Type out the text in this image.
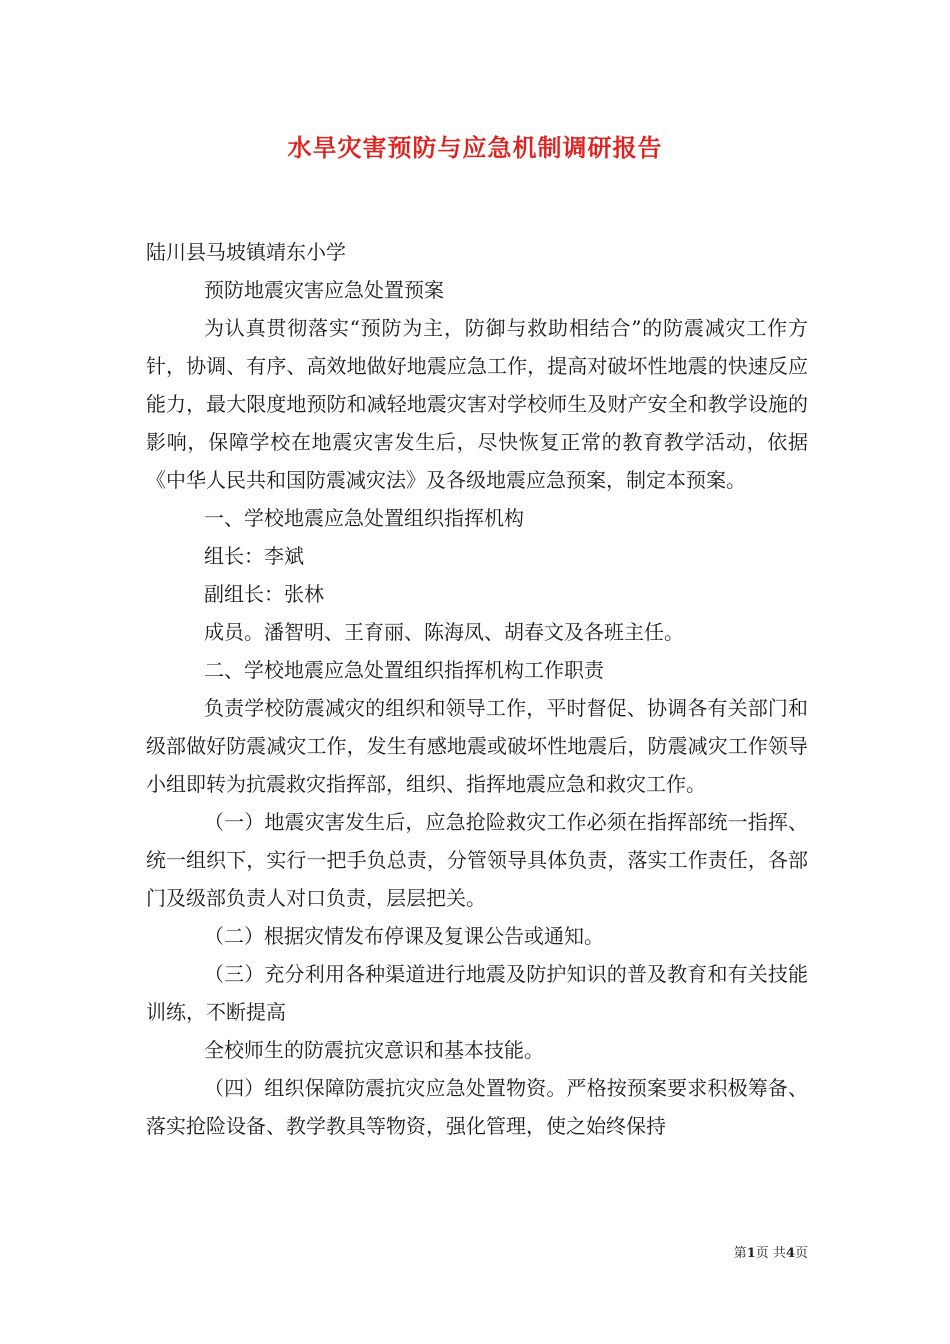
水旱灾害预防与应急机制调研报告

陆川县马坡镇靖东小学

预防地震灾害应急处置预案

为认真贯彻落实“预防为主，防御与救助相结合”的防震减灾工作方针，协调、有序、高效地做好地震应急工作，提高对破坏性地震的快速反应能力，最大限度地预防和减轻地震灾害对学校师生及财产安全和教学设施的影响，保障学校在地震灾害发生后，尽快恢复正常的教育教学活动，依据《中华人民共和国防震减灾法》及各级地震应急预案，制定本预案。

一、学校地震应急处置组织指挥机构

组长：李斌

副组长：张林

成员。潘智明、王育丽、陈海凤、胡春文及各班主任。

二、学校地震应急处置组织指挥机构工作职责

负责学校防震减灾的组织和领导工作，平时督促、协调各有关部门和级部做好防震减灾工作，发生有感地震或破坏性地震后，防震减灾工作领导小组即转为抗震救灾指挥部，组织、指挥地震应急和救灾工作。

（一）地震灾害发生后，应急抢险救灾工作必须在指挥部统一指挥、统一组织下，实行一把手负总责，分管领导具体负责，落实工作责任，各部门及级部负责人对口负责，层层把关。

（二）根据灾情发布停课及复课公告或通知。

（三）充分利用各种渠道进行地震及防护知识的普及教育和有关技能训练，不断提高

全校师生的防震抗灾意识和基本技能。

（四）组织保障防震抗灾应急处置物资。严格按预案要求积极筹备、落实抢险设备、教学教具等物资，强化管理，使之始终保持

第1页 共4页
